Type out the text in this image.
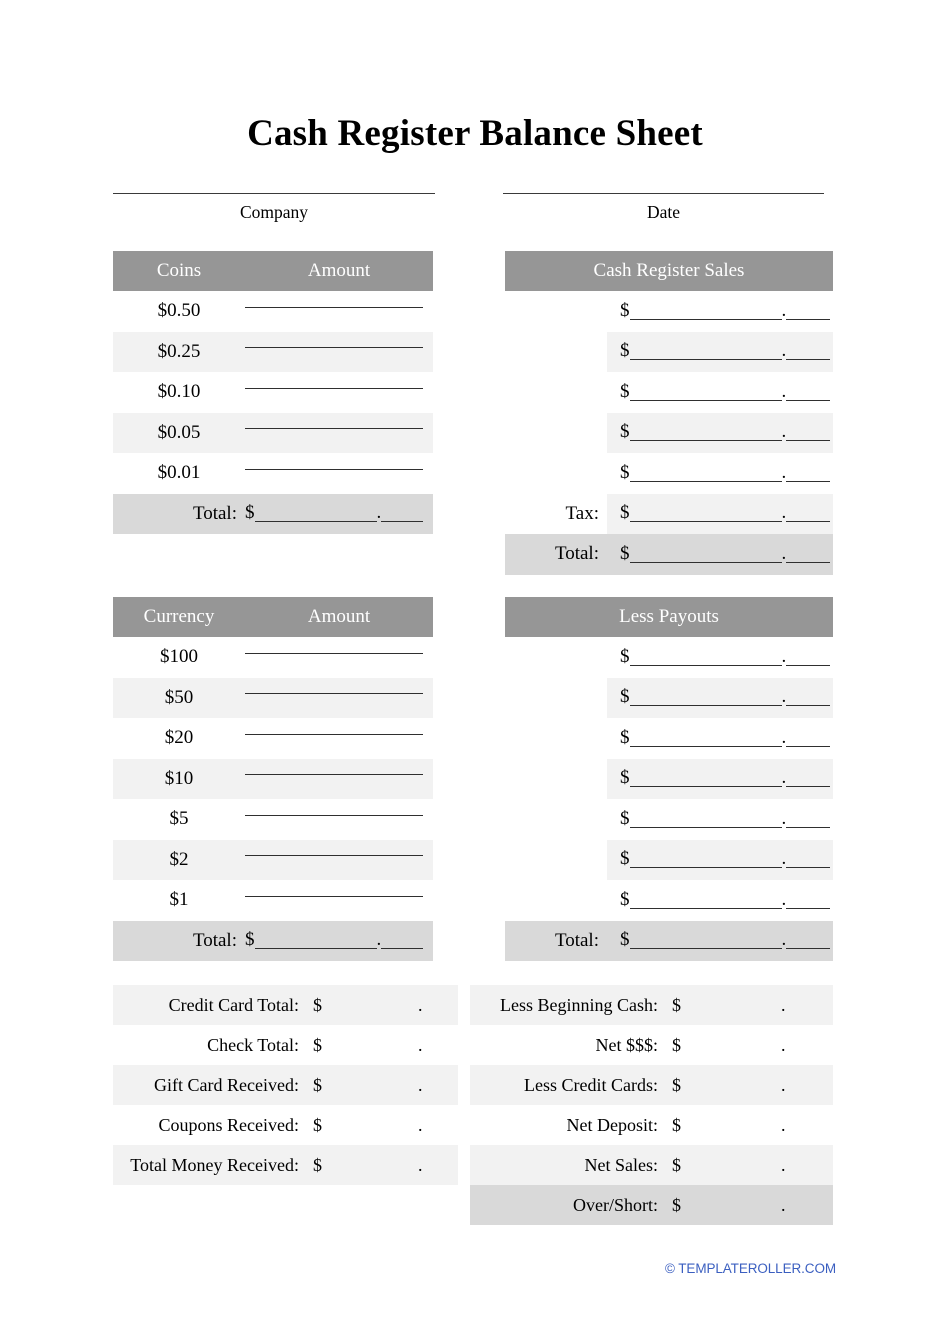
Cash Register Balance Sheet
Company	Date
Coins	Amount
$0.50
$0.25
$0.10
$0.05
$0.01
Total: $	.
Cash Register Sales
$	.
$	.
$	.
$	.
$	.
Tax:	$	.
Total:	$	.
Currency	Amount
$100
$50
$20
$10
$5
$2
$1
Total: $	.
Less Payouts
$	.
$	.
$	.
$	.
$	.
$	.
$	.
Total:	$	.
Credit Card Total: $	.
Check Total: $	.
Gift Card Received: $	.
Coupons Received: $	.
Total Money Received: $	.
Less Beginning Cash: $	.
Net $$$: $	.
Less Credit Cards: $	.
Net Deposit: $	.
Net Sales: $	.
Over/Short: $	.
© TEMPLATEROLLER.COM
